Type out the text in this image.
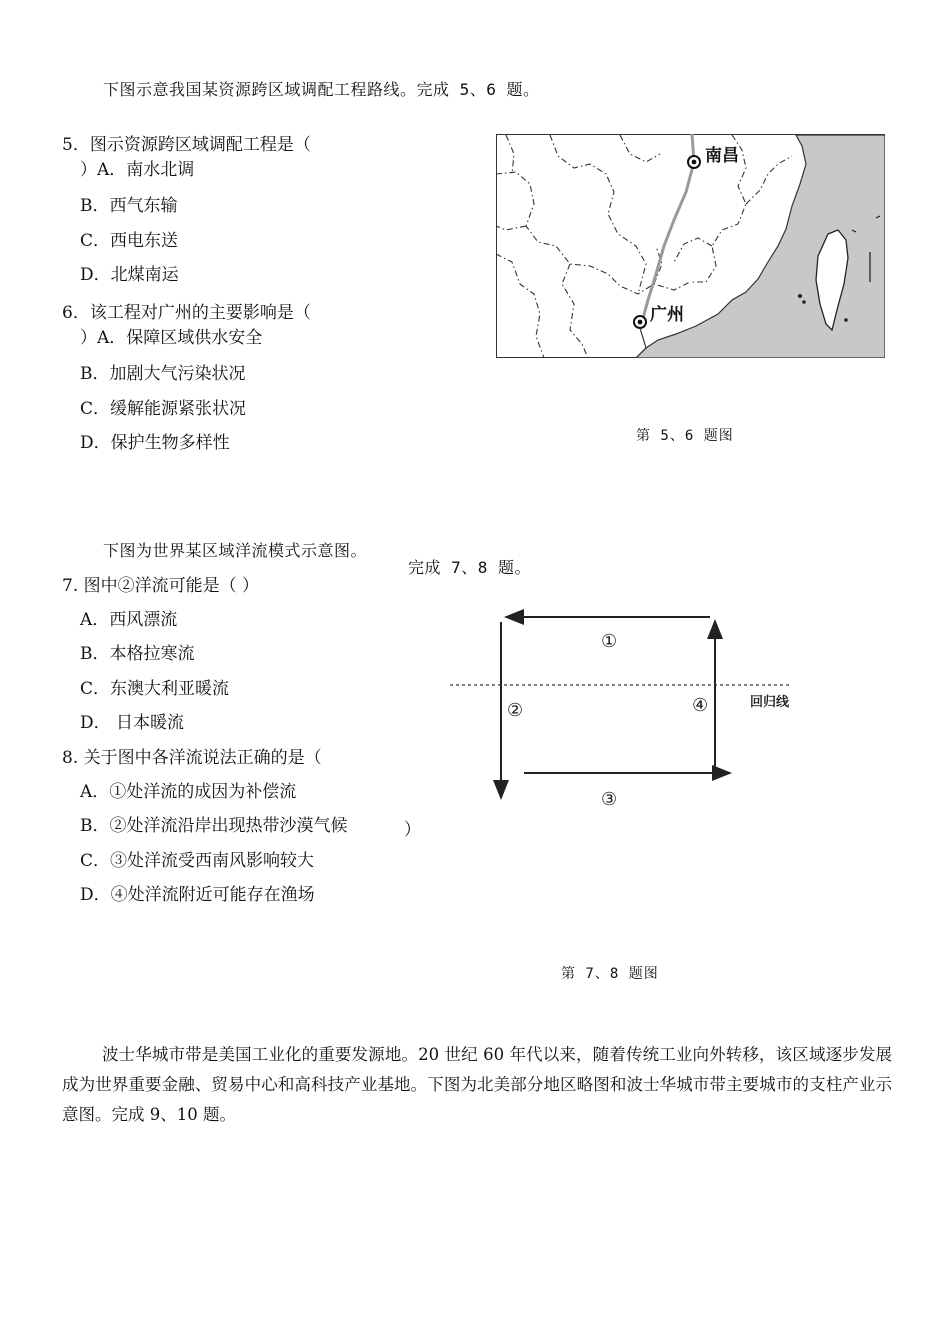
下图示意我国某资源跨区域调配工程路线。完成 5、6 题。
5．图示资源跨区域调配工程是（
）A．南水北调
B．西气东输
C．西电东送
D．北煤南运
6．该工程对广州的主要影响是（
）A．保障区域供水安全
B．加剧大气污染状况
C．缓解能源紧张状况
D．保护生物多样性
南昌
广州
第 5、6 题图
下图为世界某区域洋流模式示意图。
完成 7、8 题。
7. 图中②洋流可能是（ ）
A．西风漂流
B．本格拉寒流
C．东澳大利亚暖流
D． 日本暖流
8. 关于图中各洋流说法正确的是（
A．①处洋流的成因为补偿流
B．②处洋流沿岸出现热带沙漠气候	）
C．③处洋流受西南风影响较大
D．④处洋流附近可能存在渔场
①
②
③
④	回归线
第 7、8 题图
波士华城市带是美国工业化的重要发源地。20 世纪 60 年代以来，随着传统工业向外转移，该区域逐步发展成为世界重要金融、贸易中心和高科技产业基地。下图为北美部分地区略图和波士华城市带主要城市的支柱产业示意图。完成 9、10 题。
